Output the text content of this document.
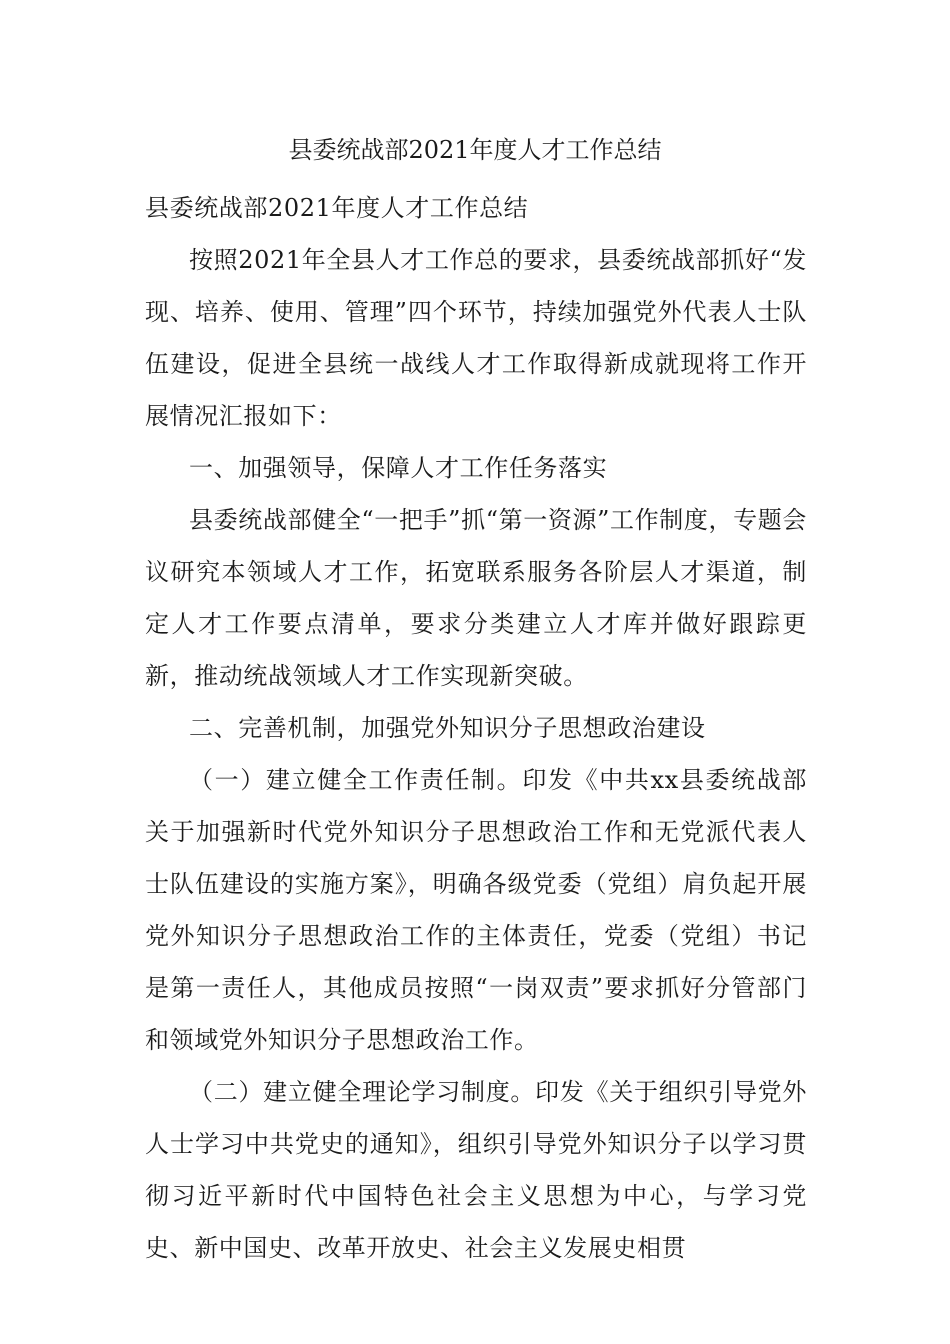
县委统战部2021年度人才工作总结

县委统战部2021年度人才工作总结

按照2021年全县人才工作总的要求，县委统战部抓好“发现、培养、使用、管理”四个环节，持续加强党外代表人士队伍建设，促进全县统一战线人才工作取得新成就现将工作开展情况汇报如下：

一、加强领导，保障人才工作任务落实

县委统战部健全“一把手”抓“第一资源”工作制度，专题会议研究本领域人才工作，拓宽联系服务各阶层人才渠道，制定人才工作要点清单，要求分类建立人才库并做好跟踪更新，推动统战领域人才工作实现新突破。

二、完善机制，加强党外知识分子思想政治建设

（一）建立健全工作责任制。印发《中共xx县委统战部关于加强新时代党外知识分子思想政治工作和无党派代表人士队伍建设的实施方案》，明确各级党委（党组）肩负起开展党外知识分子思想政治工作的主体责任，党委（党组）书记是第一责任人，其他成员按照“一岗双责”要求抓好分管部门和领域党外知识分子思想政治工作。

（二）建立健全理论学习制度。印发《关于组织引导党外人士学习中共党史的通知》，组织引导党外知识分子以学习贯彻习近平新时代中国特色社会主义思想为中心，与学习党史、新中国史、改革开放史、社会主义发展史相贯
